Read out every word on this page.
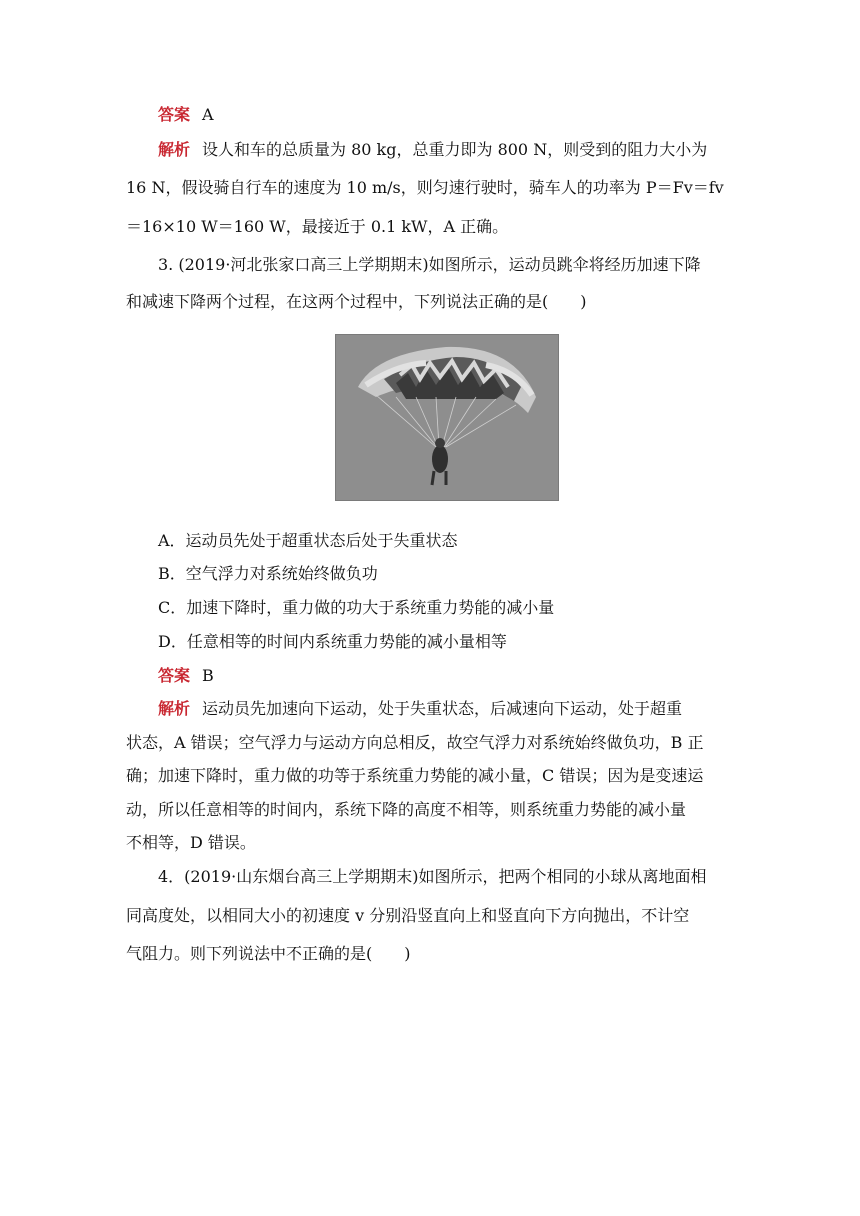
答案 A
解析 设人和车的总质量为 80 kg，总重力即为 800 N，则受到的阻力大小为
16 N，假设骑自行车的速度为 10 m/s，则匀速行驶时，骑车人的功率为 P＝Fv＝fv
＝16×10 W＝160 W，最接近于 0.1 kW，A 正确。
3. (2019·河北张家口高三上学期期末)如图所示，运动员跳伞将经历加速下降
和减速下降两个过程，在这两个过程中，下列说法正确的是(　　)
A．运动员先处于超重状态后处于失重状态
B．空气浮力对系统始终做负功
C．加速下降时，重力做的功大于系统重力势能的减小量
D．任意相等的时间内系统重力势能的减小量相等
答案 B
解析 运动员先加速向下运动，处于失重状态，后减速向下运动，处于超重
状态，A 错误；空气浮力与运动方向总相反，故空气浮力对系统始终做负功，B 正
确；加速下降时，重力做的功等于系统重力势能的减小量，C 错误；因为是变速运
动，所以任意相等的时间内，系统下降的高度不相等，则系统重力势能的减小量
不相等，D 错误。
4．(2019·山东烟台高三上学期期末)如图所示，把两个相同的小球从离地面相
同高度处，以相同大小的初速度 v 分别沿竖直向上和竖直向下方向抛出，不计空
气阻力。则下列说法中不正确的是(　　)
